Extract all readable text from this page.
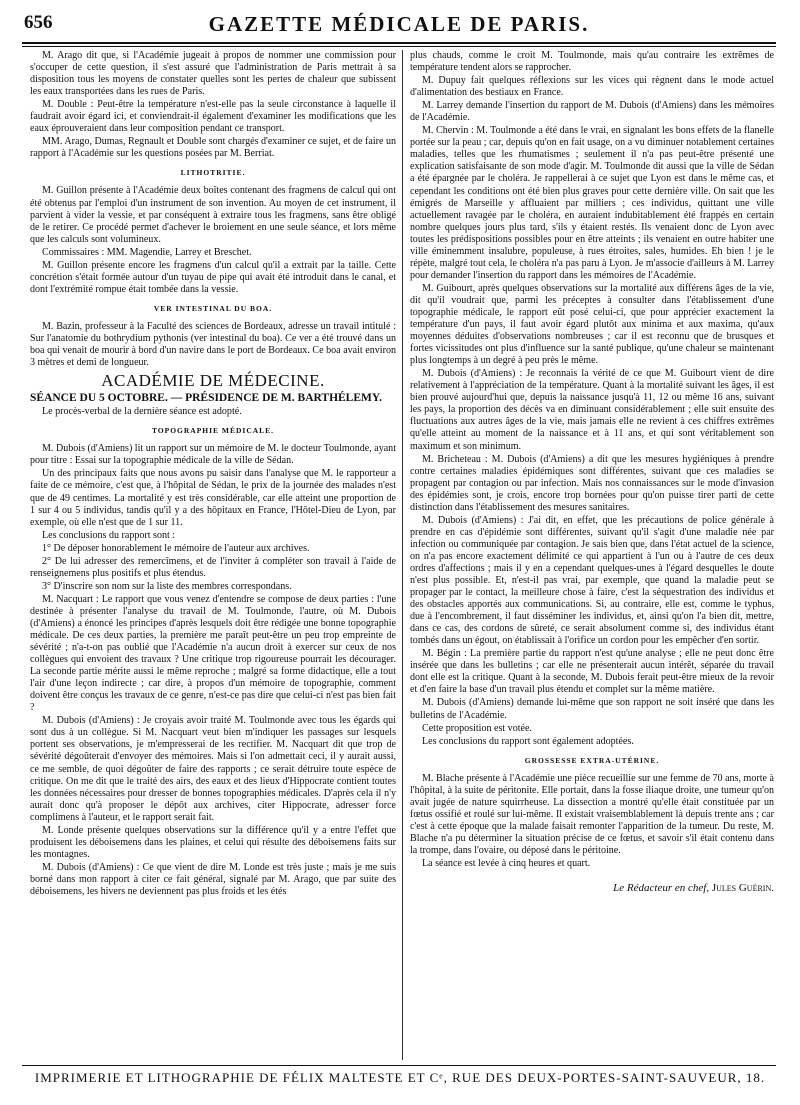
656	GAZETTE MÉDICALE DE PARIS.

M. Arago dit que, si l'Académie jugeait à propos de nommer une commission pour s'occuper de cette question, il s'est assuré que l'administration de Paris mettrait à sa disposition tous les moyens de constater quelles sont les pertes de chaleur que subissent les eaux transportées dans les rues de Paris.

M. Double : Peut-être la température n'est-elle pas la seule circonstance à laquelle il faudrait avoir égard ici, et conviendrait-il également d'examiner les modifications que les eaux éprouveraient dans leur composition pendant ce transport.

MM. Arago, Dumas, Regnault et Double sont chargés d'examiner ce sujet, et de faire un rapport à l'Académie sur les questions posées par M. Berriat.

LITHOTRITIE.

M. Guillon présente à l'Académie deux boîtes contenant des fragmens de calcul qui ont été obtenus par l'emploi d'un instrument de son invention. Au moyen de cet instrument, il parvient à vider la vessie, et par conséquent à extraire tous les fragmens, sans être obligé de le retirer. Ce procédé permet d'achever le broiement en une seule séance, et lors même que les calculs sont volumineux.

Commissaires : MM. Magendie, Larrey et Breschet.

M. Guillon présente encore les fragmens d'un calcul qu'il a extrait par la taille. Cette concrétion s'était formée autour d'un tuyau de pipe qui avait été introduit dans le canal, et dont l'extrémité rompue était tombée dans la vessie.

VER INTESTINAL DU BOA.

M. Bazin, professeur à la Faculté des sciences de Bordeaux, adresse un travail intitulé : Sur l'anatomie du bothrydium pythonis (ver intestinal du boa). Ce ver a été trouvé dans un boa qui venait de mourir à bord d'un navire dans le port de Bordeaux. Ce boa avait environ 3 mètres et demi de longueur.

ACADÉMIE DE MÉDECINE.
SÉANCE DU 5 OCTOBRE. — PRÉSIDENCE DE M. BARTHÉLEMY.

Le procès-verbal de la dernière séance est adopté.

TOPOGRAPHIE MÉDICALE.

M. Dubois (d'Amiens) lit un rapport sur un mémoire de M. le docteur Toulmonde, ayant pour titre : Essai sur la topographie médicale de la ville de Sédan.

Un des principaux faits que nous avons pu saisir dans l'analyse que M. le rapporteur a faite de ce mémoire, c'est que, à l'hôpital de Sédan, le prix de la journée des malades n'est que de 49 centimes. La mortalité y est très considérable, car elle atteint une proportion de 1 sur 4 ou 5 individus, tandis qu'il y a des hôpitaux en France, l'Hôtel-Dieu de Lyon, par exemple, où elle n'est que de 1 sur 11.

Les conclusions du rapport sont :

1° De déposer honorablement le mémoire de l'auteur aux archives.

2° De lui adresser des remercîmens, et de l'inviter à compléter son travail à l'aide de renseignemens plus positifs et plus étendus.

3° D'inscrire son nom sur la liste des membres correspondans.

M. Nacquart : Le rapport que vous venez d'entendre se compose de deux parties : l'une destinée à présenter l'analyse du travail de M. Toulmonde, l'autre, où M. Dubois (d'Amiens) a énoncé les principes d'après lesquels doit être rédigée une bonne topographie médicale. De ces deux parties, la première me paraît peut-être un peu trop empreinte de sévérité ; n'a-t-on pas oublié que l'Académie n'a aucun droit à exercer sur ceux de nos collègues qui envoient des travaux ? Une critique trop rigoureuse pourrait les décourager. La seconde partie mérite aussi le même reproche ; malgré sa forme didactique, elle a tout l'air d'une leçon indirecte ; car dire, à propos d'un mémoire de topographie, comment doivent être conçus les travaux de ce genre, n'est-ce pas dire que celui-ci n'est pas bien fait ?

M. Dubois (d'Amiens) : Je croyais avoir traité M. Toulmonde avec tous les égards qui sont dus à un collègue. Si M. Nacquart veut bien m'indiquer les passages sur lesquels portent ses observations, je m'empresserai de les rectifier. M. Nacquart dit que trop de sévérité dégoûterait d'envoyer des mémoires. Mais si l'on admettait ceci, il y aurait aussi, ce me semble, de quoi dégoûter de faire des rapports ; ce serait détruire toute espèce de critique. On me dit que le traité des airs, des eaux et des lieux d'Hippocrate contient toutes les données nécessaires pour dresser de bonnes topographies médicales. D'après cela il n'y aurait donc qu'à proposer le dépôt aux archives, citer Hippocrate, adresser force complimens à l'auteur, et le rapport serait fait.

M. Londe présente quelques observations sur la différence qu'il y a entre l'effet que produisent les déboisemens dans les plaines, et celui qui résulte des déboisemens faits sur les montagnes.

M. Dubois (d'Amiens) : Ce que vient de dire M. Londe est très juste ; mais je me suis borné dans mon rapport à citer ce fait général, signalé par M. Arago, que par suite des déboisemens, les hivers ne deviennent pas plus froids et les étés

plus chauds, comme le croit M. Toulmonde, mais qu'au contraire les extrêmes de température tendent alors se rapprocher.

M. Dupuy fait quelques réflexions sur les vices qui règnent dans le mode actuel d'alimentation des bestiaux en France.

M. Larrey demande l'insertion du rapport de M. Dubois (d'Amiens) dans les mémoires de l'Académie.

M. Chervin : M. Toulmonde a été dans le vrai, en signalant les bons effets de la flanelle portée sur la peau ; car, depuis qu'on en fait usage, on a vu diminuer notablement certaines maladies, telles que les rhumatismes ; seulement il n'a pas peut-être présenté une explication satisfaisante de son mode d'agir. M. Toulmonde dit aussi que la ville de Sédan a été épargnée par le choléra. Je rappellerai à ce sujet que Lyon est dans le même cas, et cependant les conditions ont été bien plus graves pour cette dernière ville. On sait que les émigrés de Marseille y affluaient par milliers ; ces individus, quittant une ville actuellement ravagée par le choléra, en auraient indubitablement été frappés en certain nombre quelques jours plus tard, s'ils y étaient restés. Ils venaient donc de Lyon avec toutes les prédispositions possibles pour en être atteints ; ils venaient en outre habiter une ville éminemment insalubre, populeuse, à rues étroites, sales, humides. Eh bien ! je le répète, malgré tout cela, le choléra n'a pas paru à Lyon. Je m'associe d'ailleurs à M. Larrey pour demander l'insertion du rapport dans les mémoires de l'Académie.

M. Guibourt, après quelques observations sur la mortalité aux différens âges de la vie, dit qu'il voudrait que, parmi les préceptes à consulter dans l'établissement d'une topographie médicale, le rapport eût posé celui-ci, que pour apprécier exactement la température d'un pays, il faut avoir égard plutôt aux minima et aux maxima, qu'aux moyennes déduites d'observations nombreuses ; car il est reconnu que de brusques et fortes vicissitudes ont plus d'influence sur la santé publique, qu'une chaleur se maintenant plus longtemps à un degré à peu près le même.

M. Dubois (d'Amiens) : Je reconnais la vérité de ce que M. Guibourt vient de dire relativement à l'appréciation de la température. Quant à la mortalité suivant les âges, il est bien prouvé aujourd'hui que, depuis la naissance jusqu'à 11, 12 ou même 16 ans, suivant les pays, la proportion des décès va en diminuant considérablement ; elle suit ensuite des fluctuations aux autres âges de la vie, mais jamais elle ne revient à ces chiffres extrêmes qu'elle atteint au moment de la naissance et à 11 ans, et qui sont véritablement son maximum et son minimum.

M. Bricheteau : M. Dubois (d'Amiens) a dit que les mesures hygiéniques à prendre contre certaines maladies épidémiques sont différentes, suivant que ces maladies se propagent par contagion ou par infection. Mais nos connaissances sur le mode d'invasion des épidémies sont, je crois, encore trop bornées pour qu'on puisse tirer parti de cette distinction dans l'établissement des mesures sanitaires.

M. Dubois (d'Amiens) : J'ai dit, en effet, que les précautions de police générale à prendre en cas d'épidémie sont différentes, suivant qu'il s'agit d'une maladie née par infection ou communiquée par contagion. Je sais bien que, dans l'état actuel de la science, on n'a pas encore exactement délimité ce qui appartient à l'un ou à l'autre de ces deux ordres d'affections ; mais il y en a cependant quelques-unes à l'égard desquelles le doute n'est plus possible. Et, n'est-il pas vrai, par exemple, que quand la maladie peut se propager par le contact, la meilleure chose à faire, c'est la séquestration des individus et des obstacles apportés aux communications. Si, au contraire, elle est, comme le typhus, due à l'encombrement, il faut disséminer les individus, et, ainsi qu'on l'a bien dit, mettre, dans ce cas, des cordons de sûreté, ce serait absolument comme si, des individus étant tombés dans un égout, on établissait à l'orifice un cordon pour les empêcher d'en sortir.

M. Bégin : La première partie du rapport n'est qu'une analyse ; elle ne peut donc être insérée que dans les bulletins ; car elle ne présenterait aucun intérêt, séparée du travail dont elle est la critique. Quant à la seconde, M. Dubois ferait peut-être mieux de la revoir et d'en faire la base d'un travail plus étendu et complet sur la même matière.

M. Dubois (d'Amiens) demande lui-même que son rapport ne soit inséré que dans les bulletins de l'Académie.

Cette proposition est votée.

Les conclusions du rapport sont également adoptées.

GROSSESSE EXTRA-UTÉRINE.

M. Blache présente à l'Académie une pièce recueillie sur une femme de 70 ans, morte à l'hôpital, à la suite de péritonite. Elle portait, dans la fosse iliaque droite, une tumeur qu'on avait jugée de nature squirrheuse. La dissection a montré qu'elle était constituée par un fœtus ossifié et roulé sur lui-même. Il existait vraisemblablement là depuis trente ans ; car c'est à cette époque que la malade faisait remonter l'apparition de la tumeur. Du reste, M. Blache n'a pu déterminer la situation précise de ce fœtus, et savoir s'il était contenu dans la trompe, dans l'ovaire, ou déposé dans le péritoine.

La séance est levée à cinq heures et quart.

Le Rédacteur en chef, Jules Guérin.
IMPRIMERIE ET LITHOGRAPHIE DE FÉLIX MALTESTE ET Cᵉ, RUE DES DEUX-PORTES-SAINT-SAUVEUR, 18.
